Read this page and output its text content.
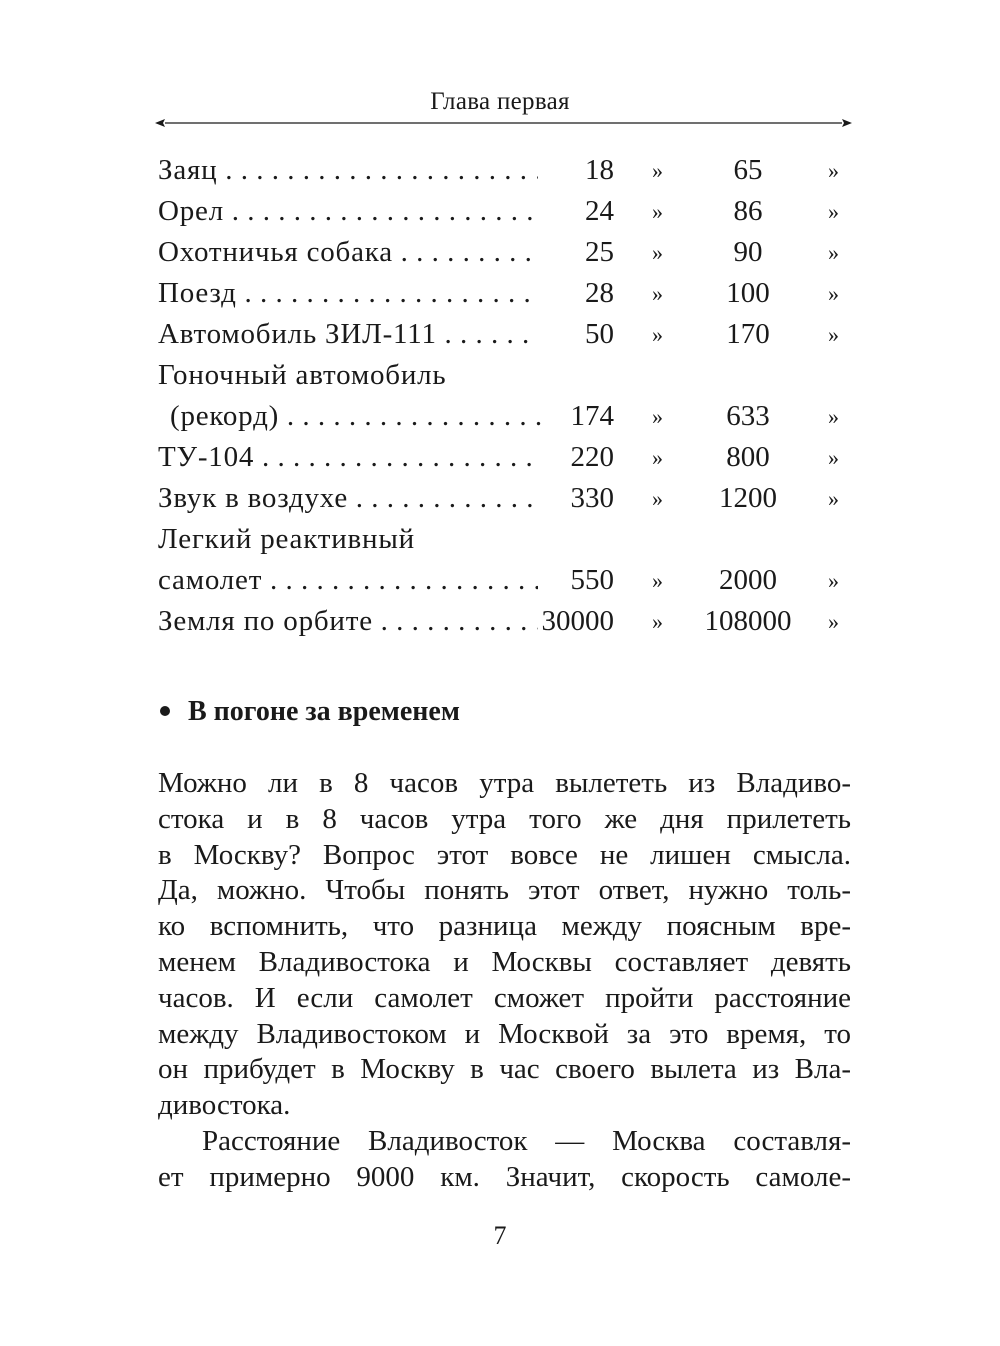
Глава первая
Заяц . . .	18 »	65	»
Орел . . .	24 »	86	»
Охотничья собака . . .	25 »	90	»
Поезд . . .	28 »	100	»
Автомобиль ЗИЛ-111 . . .	50 »	170	»
Гоночный автомобиль
(рекорд) . . .	174 »	633	»
ТУ-104 . . .	220 »	800	»
Звук в воздухе . . .	330 »	1200	»
Легкий реактивный
самолет . . .	550 »	2000	»
Земля по орбите . . .	30000 » 108000 »
В погоне за временем
Можно ли в 8 часов утра вылететь из Владиво-
стока и в 8 часов утра того же дня прилететь
в Москву? Вопрос этот вовсе не лишен смысла.
Да, можно. Чтобы понять этот ответ, нужно толь-
ко вспомнить, что разница между поясным вре-
менем Владивостока и Москвы составляет девять
часов. И если самолет сможет пройти расстояние
между Владивостоком и Москвой за это время, то
он прибудет в Москву в час своего вылета из Вла-
дивостока.
Расстояние Владивосток — Москва составля-
ет примерно 9000 км. Значит, скорость самоле-
7
